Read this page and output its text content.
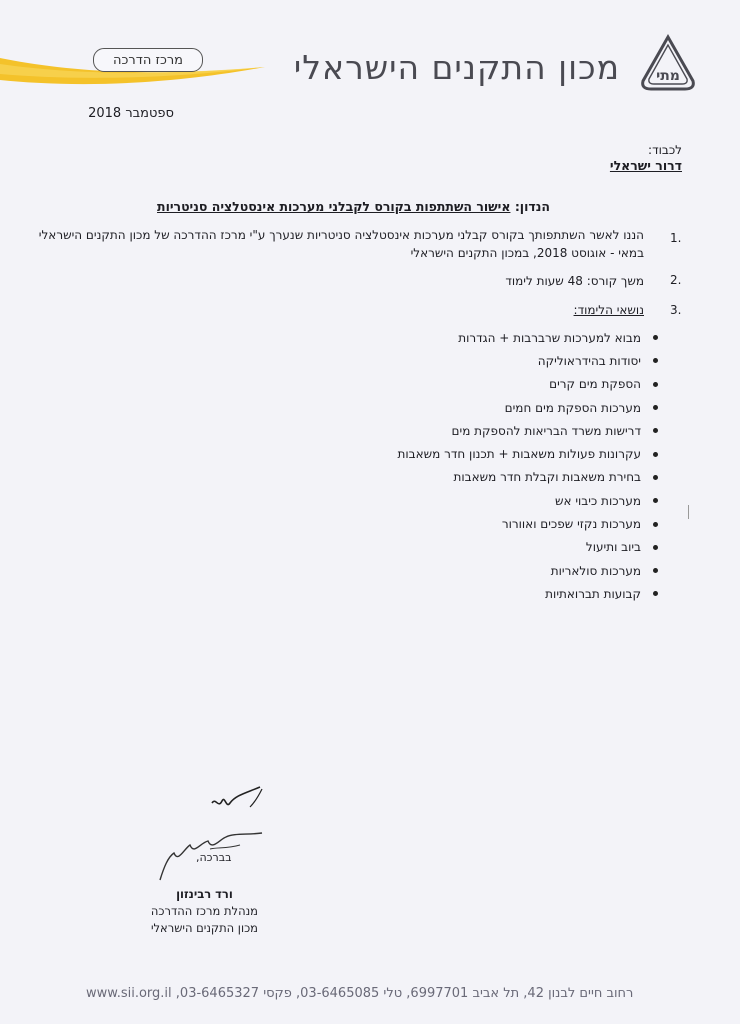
מרכז הדרכה	מכון התקנים הישראלי	מתי
ספטמבר 2018
לכבוד:
דרור ישראלי
הנדון: אישור השתתפות בקורס לקבלני מערכות אינסטלציה סניטריות
1.
הננו לאשר השתתפותך בקורס קבלני מערכות אינסטלציה סניטריות שנערך ע"י מרכז ההדרכה של מכון התקנים הישראלי במאי - אוגוסט 2018, במכון התקנים הישראלי
2.
משך קורס: 48 שעות לימוד
3.
נושאי הלימוד:
מבוא למערכות שרברבות + הגדרות
יסודות בהידראוליקה
הספקת מים קרים
מערכות הספקת מים חמים
דרישות משרד הבריאות להספקת מים
עקרונות פעולות משאבות + תכנון חדר משאבות
בחירת משאבות וקבלת חדר משאבות
מערכות כיבוי אש
מערכות נקזי שפכים ואוורור
ביוב ותיעול
מערכות סולאריות
קבועות תברואתיות
בברכה,
ורד רבינזון
מנהלת מרכז ההדרכה
מכון התקנים הישראלי
רחוב חיים לבנון 42, תל אביב 6997701, טלי 03-6465085, פקסי 03-6465327, www.sii.org.il
